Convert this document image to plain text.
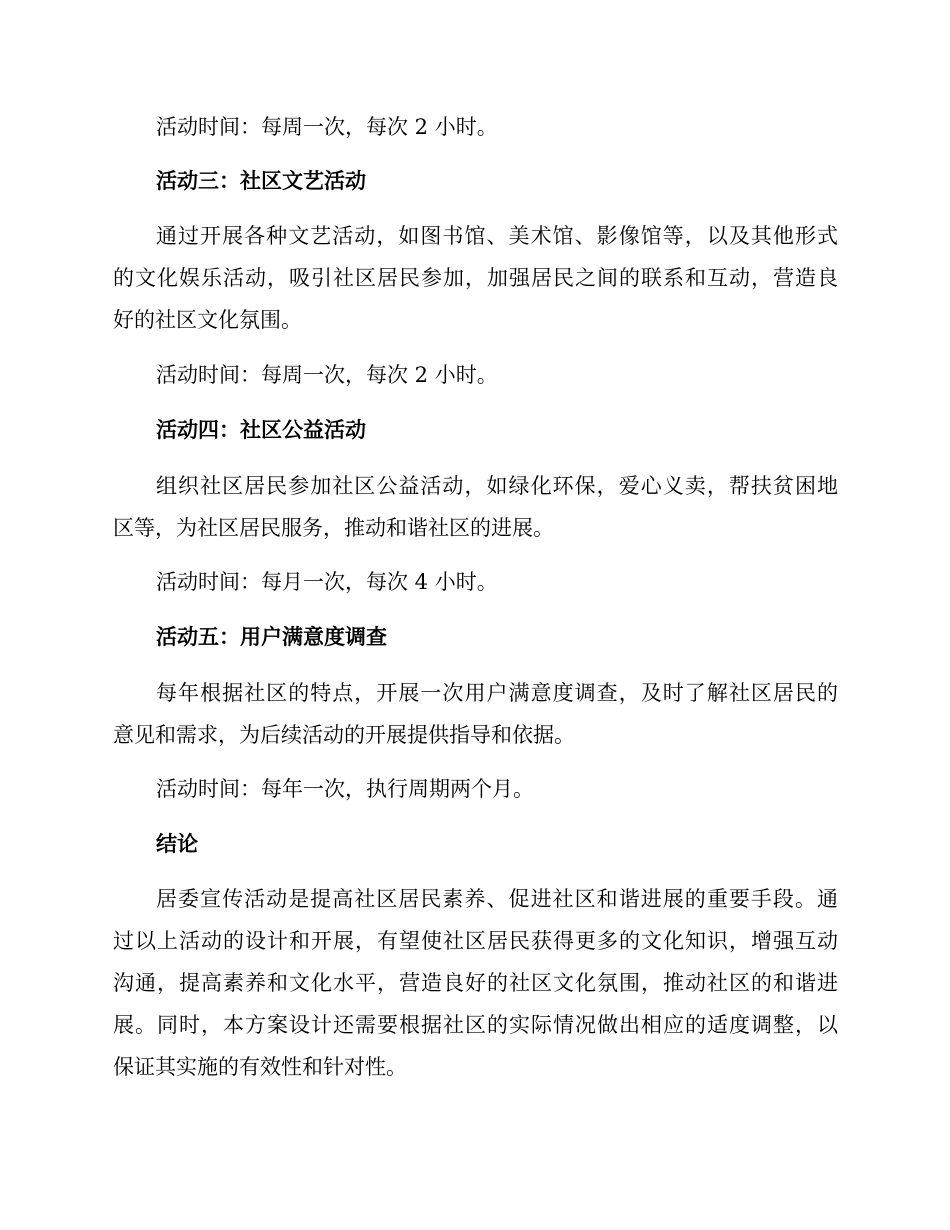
活动时间：每周一次，每次 2 小时。

活动三：社区文艺活动

通过开展各种文艺活动，如图书馆、美术馆、影像馆等，以及其他形式

的文化娱乐活动，吸引社区居民参加，加强居民之间的联系和互动，营造良

好的社区文化氛围。

活动时间：每周一次，每次 2 小时。

活动四：社区公益活动

组织社区居民参加社区公益活动，如绿化环保，爱心义卖，帮扶贫困地

区等，为社区居民服务，推动和谐社区的进展。

活动时间：每月一次，每次 4 小时。

活动五：用户满意度调查

每年根据社区的特点，开展一次用户满意度调查，及时了解社区居民的

意见和需求，为后续活动的开展提供指导和依据。

活动时间：每年一次，执行周期两个月。

结论

居委宣传活动是提高社区居民素养、促进社区和谐进展的重要手段。通

过以上活动的设计和开展，有望使社区居民获得更多的文化知识，增强互动

沟通，提高素养和文化水平，营造良好的社区文化氛围，推动社区的和谐进

展。同时，本方案设计还需要根据社区的实际情况做出相应的适度调整，以

保证其实施的有效性和针对性。
